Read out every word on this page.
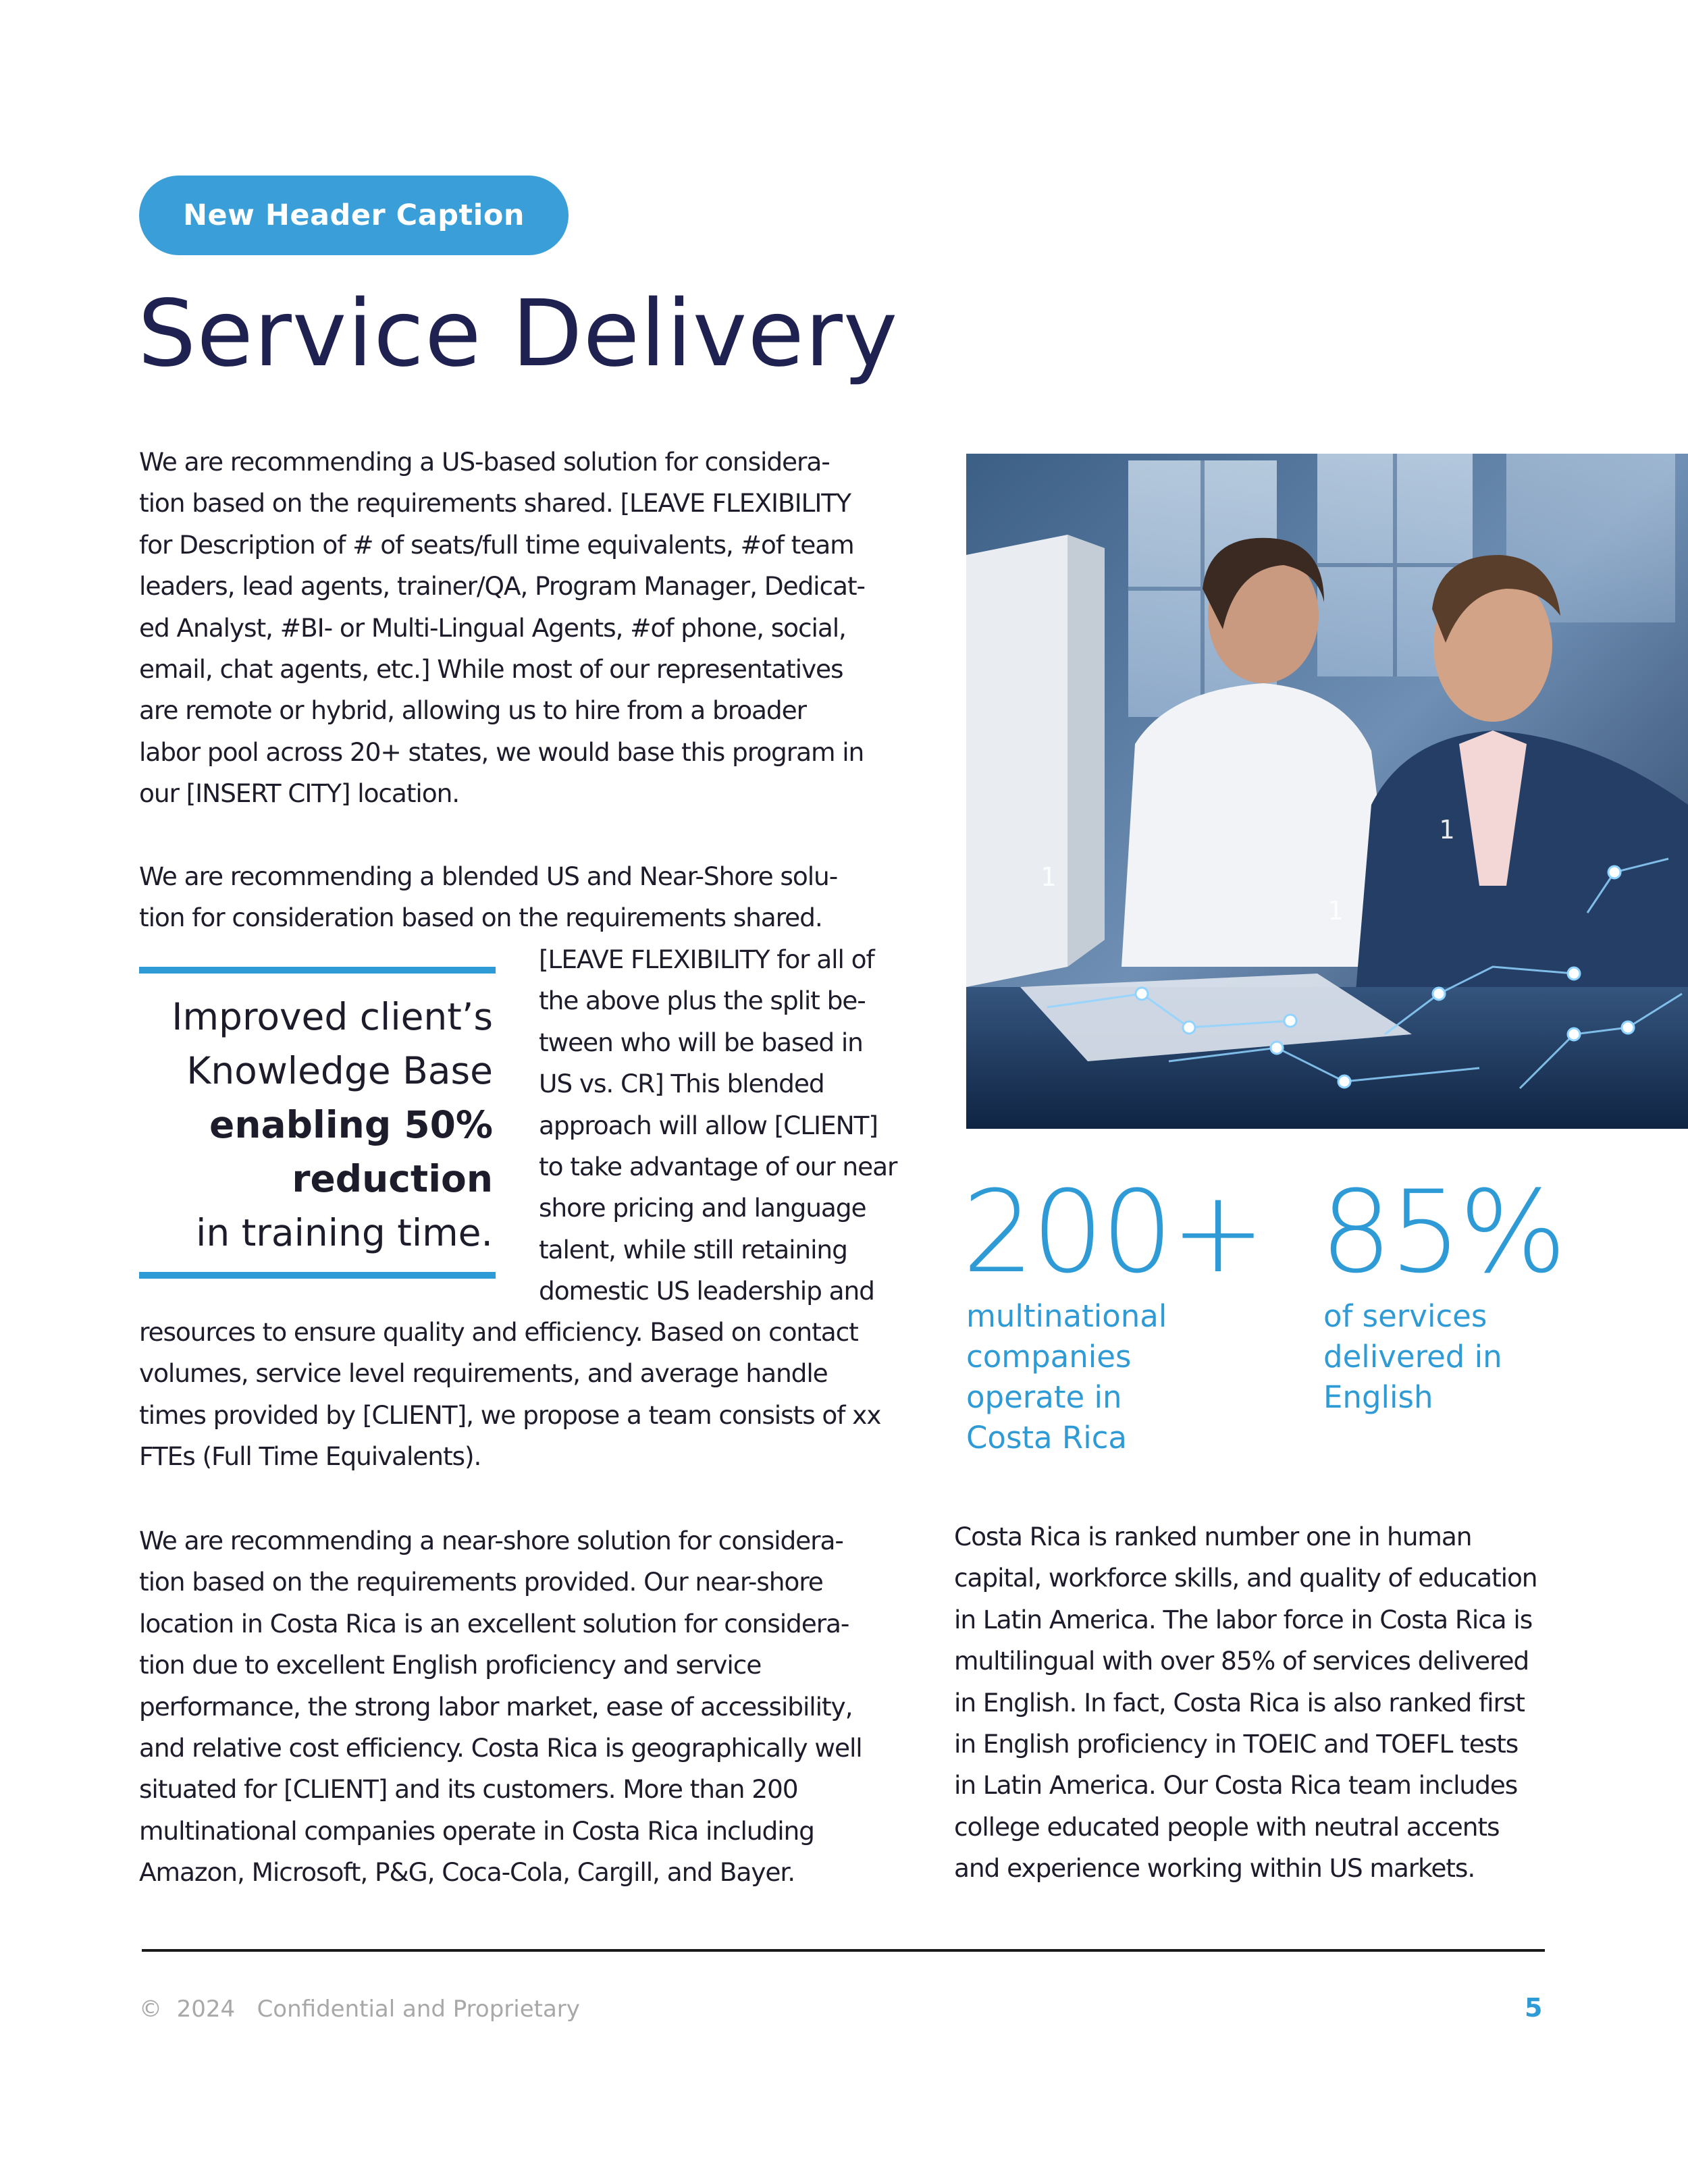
New Header Caption
Service Delivery

We are recommending a US-based solution for considera-

tion based on the requirements shared. [LEAVE FLEXIBILITY

for Description of # of seats/full time equivalents, #of team

leaders, lead agents, trainer/QA, Program Manager, Dedicat-

ed Analyst, #BI- or Multi-Lingual Agents, #of phone, social,

email, chat agents, etc.] While most of our representatives

are remote or hybrid, allowing us to hire from a broader

labor pool across 20+ states, we would base this program in

our [INSERT CITY] location.

We are recommending a blended US and Near-Shore solu-

tion for consideration based on the requirements shared.

[LEAVE FLEXIBILITY for all of

the above plus the split be-

tween who will be based in

US vs. CR] This blended

approach will allow [CLIENT]

to take advantage of our near

shore pricing and language

talent, while still retaining

domestic US leadership and

resources to ensure quality and efficiency. Based on contact

volumes, service level requirements, and average handle

times provided by [CLIENT], we propose a team consists of xx

FTEs (Full Time Equivalents).

Improved client’s
Knowledge Base
enabling 50%
reduction
in training time.

We are recommending a near-shore solution for considera-

tion based on the requirements provided. Our near-shore

location in Costa Rica is an excellent solution for considera-

tion due to excellent English proficiency and service

performance, the strong labor market, ease of accessibility,

and relative cost efficiency. Costa Rica is geographically well

situated for [CLIENT] and its customers. More than 200

multinational companies operate in Costa Rica including

Amazon, Microsoft, P&G, Coca-Cola, Cargill, and Bayer.

1
1
1
200+
multinational
companies
operate in
Costa Rica
85%
of services
delivered in
English

Costa Rica is ranked number one in human

capital, workforce skills, and quality of education

in Latin America. The labor force in Costa Rica is

multilingual with over 85% of services delivered

in English. In fact, Costa Rica is also ranked first

in English proficiency in TOEIC and TOEFL tests

in Latin America. Our Costa Rica team includes

college educated people with neutral accents

and experience working within US markets.

©  2024   Confidential and Proprietary	5
